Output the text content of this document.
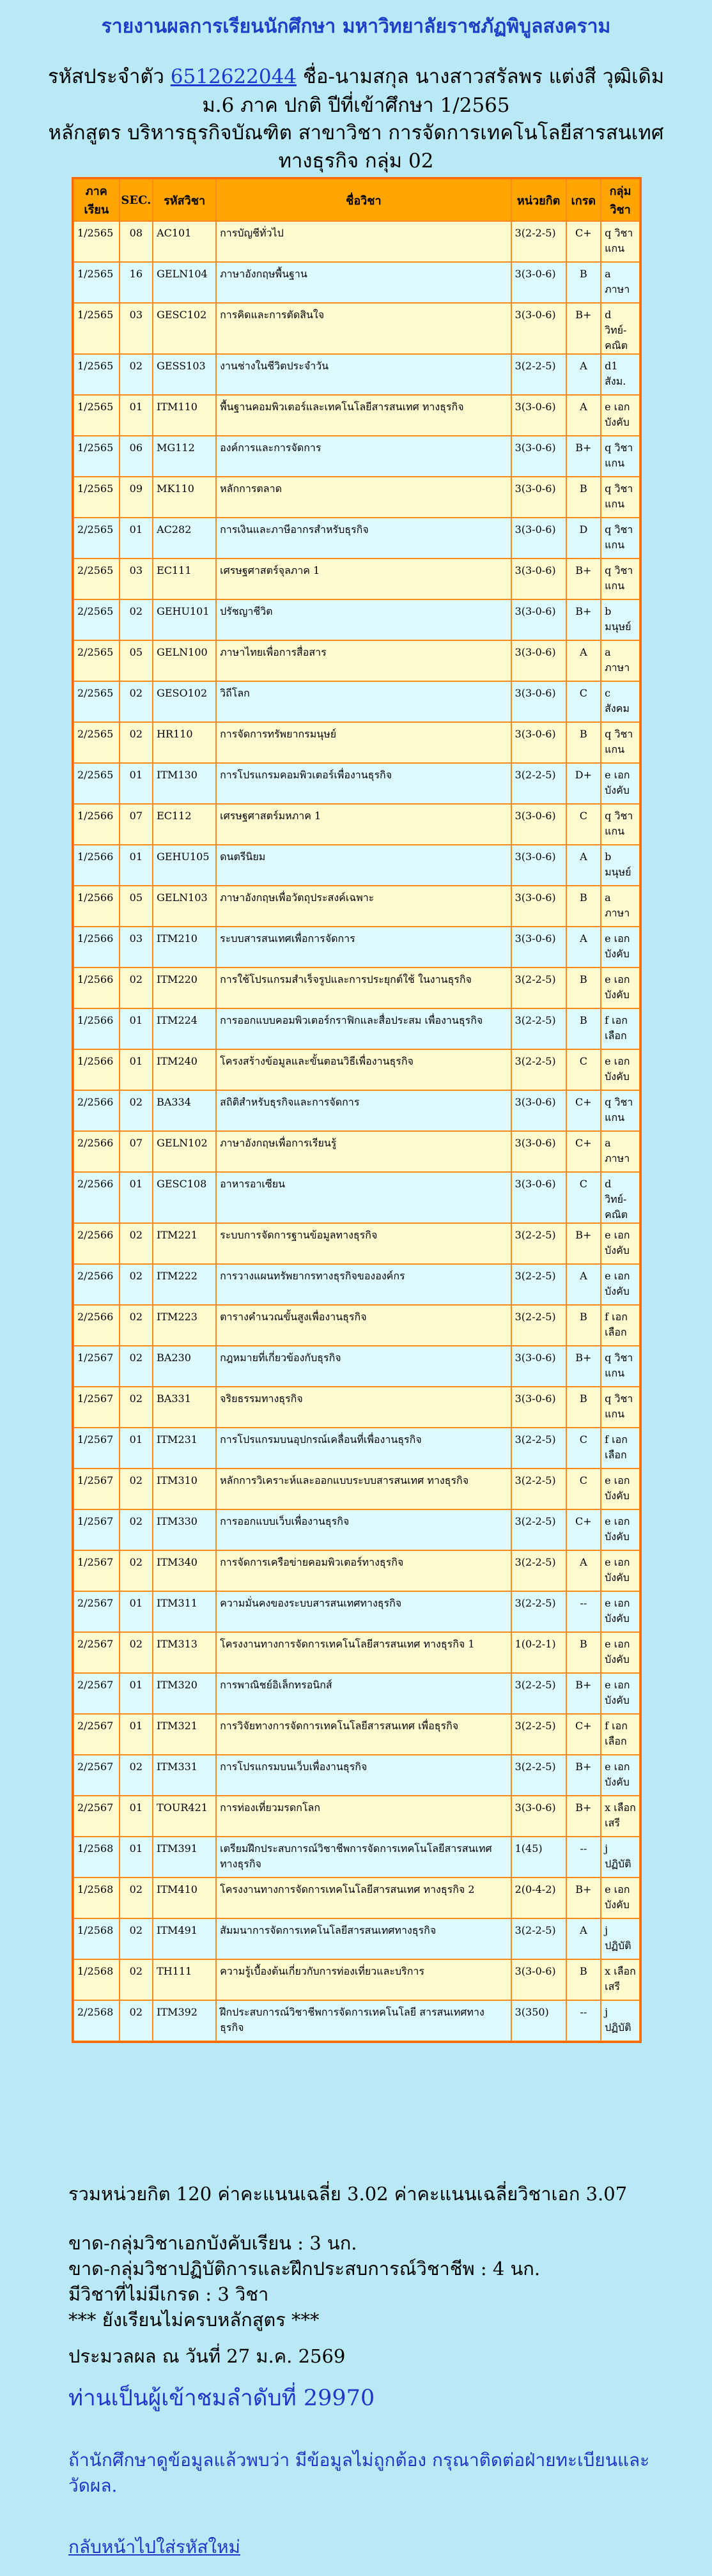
รายงานผลการเรียนนักศึกษา มหาวิทยาลัยราชภัฏพิบูลสงคราม
รหัสประจำตัว 6512622044 ชื่อ-นามสกุล นางสาวสรัลพร แต่งสี วุฒิเดิม
ม.6 ภาค ปกติ ปีที่เข้าศึกษา 1/2565
หลักสูตร บริหารธุรกิจบัณฑิต สาขาวิชา การจัดการเทคโนโลยีสารสนเทศ
ทางธุรกิจ กลุ่ม 02
ภาค เรียน	SEC.	รหัสวิชา	ชื่อวิชา	หน่วยกิต	เกรด	กลุ่ม วิชา
1/2565	08	AC101	การบัญชีทั่วไป	3(2-2-5)	C+	q วิชาแกน
1/2565	16	GELN104	ภาษาอังกฤษพื้นฐาน	3(3-0-6)	B	a ภาษา
1/2565	03	GESC102	การคิดและการตัดสินใจ	3(3-0-6)	B+	d วิทย์-คณิต
1/2565	02	GESS103	งานช่างในชีวิตประจำวัน	3(2-2-5)	A	d1 สังม.
1/2565	01	ITM110	พื้นฐานคอมพิวเตอร์และเทคโนโลยีสารสนเทศ ทางธุรกิจ	3(3-0-6)	A	e เอกบังคับ
1/2565	06	MG112	องค์การและการจัดการ	3(3-0-6)	B+	q วิชาแกน
1/2565	09	MK110	หลักการตลาด	3(3-0-6)	B	q วิชาแกน
2/2565	01	AC282	การเงินและภาษีอากรสำหรับธุรกิจ	3(3-0-6)	D	q วิชาแกน
2/2565	03	EC111	เศรษฐศาสตร์จุลภาค 1	3(3-0-6)	B+	q วิชาแกน
2/2565	02	GEHU101	ปรัชญาชีวิต	3(3-0-6)	B+	b มนุษย์
2/2565	05	GELN100	ภาษาไทยเพื่อการสื่อสาร	3(3-0-6)	A	a ภาษา
2/2565	02	GESO102	วิถีโลก	3(3-0-6)	C	c สังคม
2/2565	02	HR110	การจัดการทรัพยากรมนุษย์	3(3-0-6)	B	q วิชาแกน
2/2565	01	ITM130	การโปรแกรมคอมพิวเตอร์เพื่องานธุรกิจ	3(2-2-5)	D+	e เอกบังคับ
1/2566	07	EC112	เศรษฐศาสตร์มหภาค 1	3(3-0-6)	C	q วิชาแกน
1/2566	01	GEHU105	ดนตรีนิยม	3(3-0-6)	A	b มนุษย์
1/2566	05	GELN103	ภาษาอังกฤษเพื่อวัตถุประสงค์เฉพาะ	3(3-0-6)	B	a ภาษา
1/2566	03	ITM210	ระบบสารสนเทศเพื่อการจัดการ	3(3-0-6)	A	e เอกบังคับ
1/2566	02	ITM220	การใช้โปรแกรมสำเร็จรูปและการประยุกต์ใช้ ในงานธุรกิจ	3(2-2-5)	B	e เอกบังคับ
1/2566	01	ITM224	การออกแบบคอมพิวเตอร์กราฟิกและสื่อประสม เพื่องานธุรกิจ	3(2-2-5)	B	f เอกเลือก
1/2566	01	ITM240	โครงสร้างข้อมูลและขั้นตอนวิธีเพื่องานธุรกิจ	3(2-2-5)	C	e เอกบังคับ
2/2566	02	BA334	สถิติสำหรับธุรกิจและการจัดการ	3(3-0-6)	C+	q วิชาแกน
2/2566	07	GELN102	ภาษาอังกฤษเพื่อการเรียนรู้	3(3-0-6)	C+	a ภาษา
2/2566	01	GESC108	อาหารอาเซียน	3(3-0-6)	C	d วิทย์-คณิต
2/2566	02	ITM221	ระบบการจัดการฐานข้อมูลทางธุรกิจ	3(2-2-5)	B+	e เอกบังคับ
2/2566	02	ITM222	การวางแผนทรัพยากรทางธุรกิจขององค์กร	3(2-2-5)	A	e เอกบังคับ
2/2566	02	ITM223	ตารางคำนวณขั้นสูงเพื่องานธุรกิจ	3(2-2-5)	B	f เอกเลือก
1/2567	02	BA230	กฎหมายที่เกี่ยวข้องกับธุรกิจ	3(3-0-6)	B+	q วิชาแกน
1/2567	02	BA331	จริยธรรมทางธุรกิจ	3(3-0-6)	B	q วิชาแกน
1/2567	01	ITM231	การโปรแกรมบนอุปกรณ์เคลื่อนที่เพื่องานธุรกิจ	3(2-2-5)	C	f เอกเลือก
1/2567	02	ITM310	หลักการวิเคราะห์และออกแบบระบบสารสนเทศ ทางธุรกิจ	3(2-2-5)	C	e เอกบังคับ
1/2567	02	ITM330	การออกแบบเว็บเพื่องานธุรกิจ	3(2-2-5)	C+	e เอกบังคับ
1/2567	02	ITM340	การจัดการเครือข่ายคอมพิวเตอร์ทางธุรกิจ	3(2-2-5)	A	e เอกบังคับ
2/2567	01	ITM311	ความมั่นคงของระบบสารสนเทศทางธุรกิจ	3(2-2-5)	--	e เอกบังคับ
2/2567	02	ITM313	โครงงานทางการจัดการเทคโนโลยีสารสนเทศ ทางธุรกิจ 1	1(0-2-1)	B	e เอกบังคับ
2/2567	01	ITM320	การพาณิชย์อิเล็กทรอนิกส์	3(2-2-5)	B+	e เอกบังคับ
2/2567	01	ITM321	การวิจัยทางการจัดการเทคโนโลยีสารสนเทศ เพื่อธุรกิจ	3(2-2-5)	C+	f เอกเลือก
2/2567	02	ITM331	การโปรแกรมบนเว็บเพื่องานธุรกิจ	3(2-2-5)	B+	e เอกบังคับ
2/2567	01	TOUR421	การท่องเที่ยวมรดกโลก	3(3-0-6)	B+	x เลือกเสรี
1/2568	01	ITM391	เตรียมฝึกประสบการณ์วิชาชีพการจัดการเทคโนโลยีสารสนเทศทางธุรกิจ	1(45)	--	j ปฏิบัติ
1/2568	02	ITM410	โครงงานทางการจัดการเทคโนโลยีสารสนเทศ ทางธุรกิจ 2	2(0-4-2)	B+	e เอกบังคับ
1/2568	02	ITM491	สัมมนาการจัดการเทคโนโลยีสารสนเทศทางธุรกิจ	3(2-2-5)	A	j ปฏิบัติ
1/2568	02	TH111	ความรู้เบื้องต้นเกี่ยวกับการท่องเที่ยวและบริการ	3(3-0-6)	B	x เลือกเสรี
2/2568	02	ITM392	ฝึกประสบการณ์วิชาชีพการจัดการเทคโนโลยี สารสนเทศทางธุรกิจ	3(350)	--	j ปฏิบัติ
รวมหน่วยกิต 120 ค่าคะแนนเฉลี่ย 3.02 ค่าคะแนนเฉลี่ยวิชาเอก 3.07
ขาด-กลุ่มวิชาเอกบังคับเรียน : 3 นก.
ขาด-กลุ่มวิชาปฏิบัติการและฝึกประสบการณ์วิชาชีพ : 4 นก.
มีวิชาที่ไม่มีเกรด : 3 วิชา
*** ยังเรียนไม่ครบหลักสูตร ***
ประมวลผล ณ วันที่ 27 ม.ค. 2569
ท่านเป็นผู้เข้าชมลำดับที่ 29970
ถ้านักศึกษาดูข้อมูลแล้วพบว่า มีข้อมูลไม่ถูกต้อง กรุณาติดต่อฝ่ายทะเบียนและวัดผล.
กลับหน้าไปใส่รหัสใหม่
